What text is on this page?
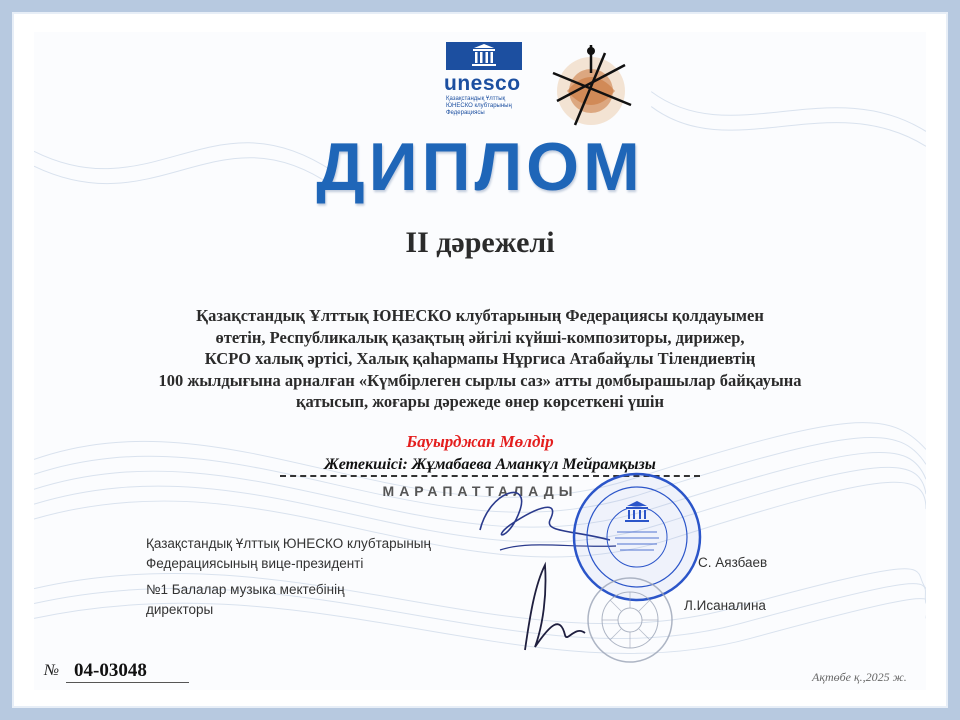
unesco
Қазақстандық Ұлттық
ЮНЕСКО клубтарының
Федерациясы
ДИПЛОМ
ІІ дәрежелі
Қазақстандық Ұлттық ЮНЕСКО клубтарының Федерациясы қолдауымен
өтетін, Республикалық қазақтың әйгілі күйші-композиторы, дирижер,
КСРО халық әртісі, Халық қаһармапы Нұргиса Атабайұлы Тілендиевтің
100 жылдығына арналған «Күмбірлеген сырлы саз» атты домбырашылар байқауына
қатысып, жоғары дәрежеде өнер көрсеткені үшін
Бауырджан Мөлдір
Жетекшісі: Жұмабаева Аманкүл Мейрамқызы
МАРАПАТТАЛАДЫ
Қазақстандық Ұлттық ЮНЕСКО клубтарының
Федерациясының вице-президенті	С. Аязбаев
№1 Балалар музыка мектебінің
директоры	Л.Исаналина
№ 04-03048	Ақтөбе қ.,2025 ж.
